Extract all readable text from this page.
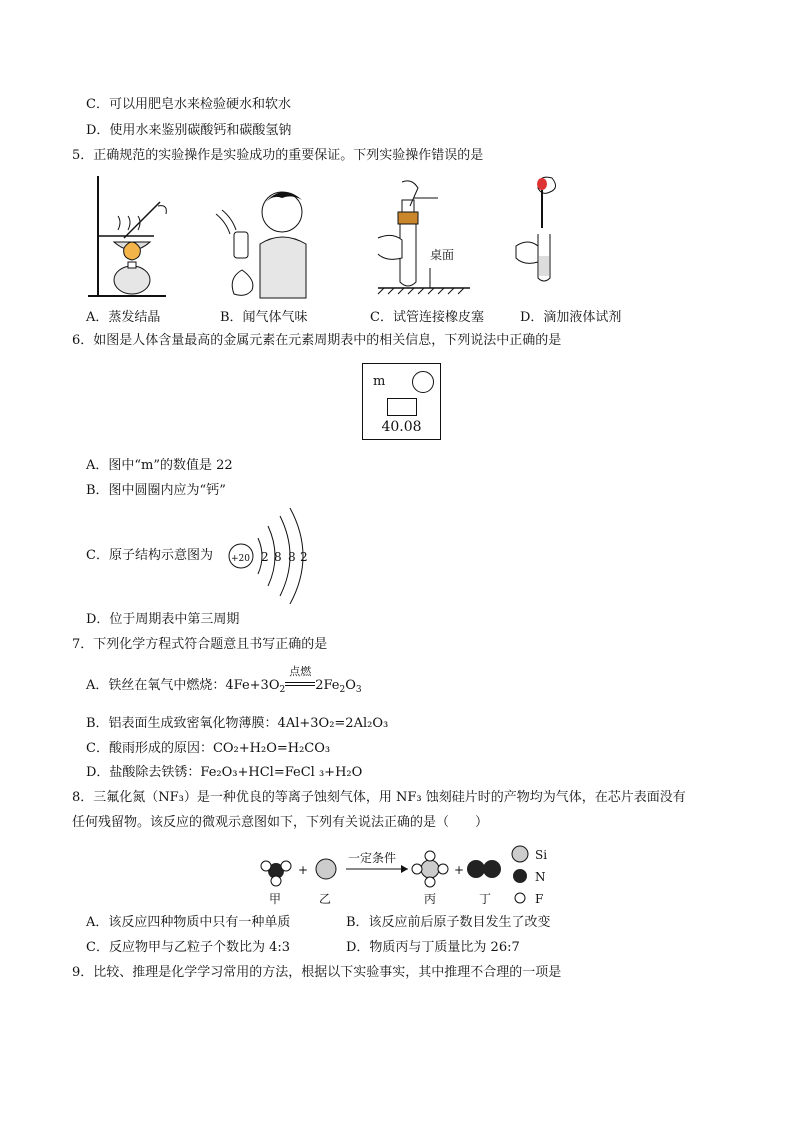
C．可以用肥皂水来检验硬水和软水
D．使用水来鉴别碳酸钙和碳酸氢钠
5．正确规范的实验操作是实验成功的重要保证。下列实验操作错误的是
桌面
A．蒸发结晶	B．闻气体气味	C．试管连接橡皮塞	D．滴加液体试剂
6．如图是人体含量最高的金属元素在元素周期表中的相关信息，下列说法中正确的是
m
40.08
A．图中“m”的数值是 22
B．图中圆圈内应为“钙”
C．原子结构示意图为 +20 2 8 8 2
D．位于周期表中第三周期
7．下列化学方程式符合题意且书写正确的是
A．铁丝在氧气中燃烧：$4Fe+3O_2$
点燃
$2Fe_2O_3$
B．铝表面生成致密氧化物薄膜：4Al+3O₂=2Al₂O₃
C．酸雨形成的原因：CO₂+H₂O=H₂CO₃
D．盐酸除去铁锈：Fe₂O₃+HCl=FeCl ₃+H₂O
8．三氟化氮（NF₃）是一种优良的等离子蚀刻气体，用 NF₃ 蚀刻硅片时的产物均为气体，在芯片表面没有
任何残留物。该反应的微观示意图如下，下列有关说法正确的是（　　）
+	+
一定条件	Si
N
F
甲	乙	丙	丁
A．该反应四种物质中只有一种单质	B．该反应前后原子数目发生了改变
C．反应物甲与乙粒子个数比为 4:3	D．物质丙与丁质量比为 26:7
9．比较、推理是化学学习常用的方法，根据以下实验事实，其中推理不合理的一项是
